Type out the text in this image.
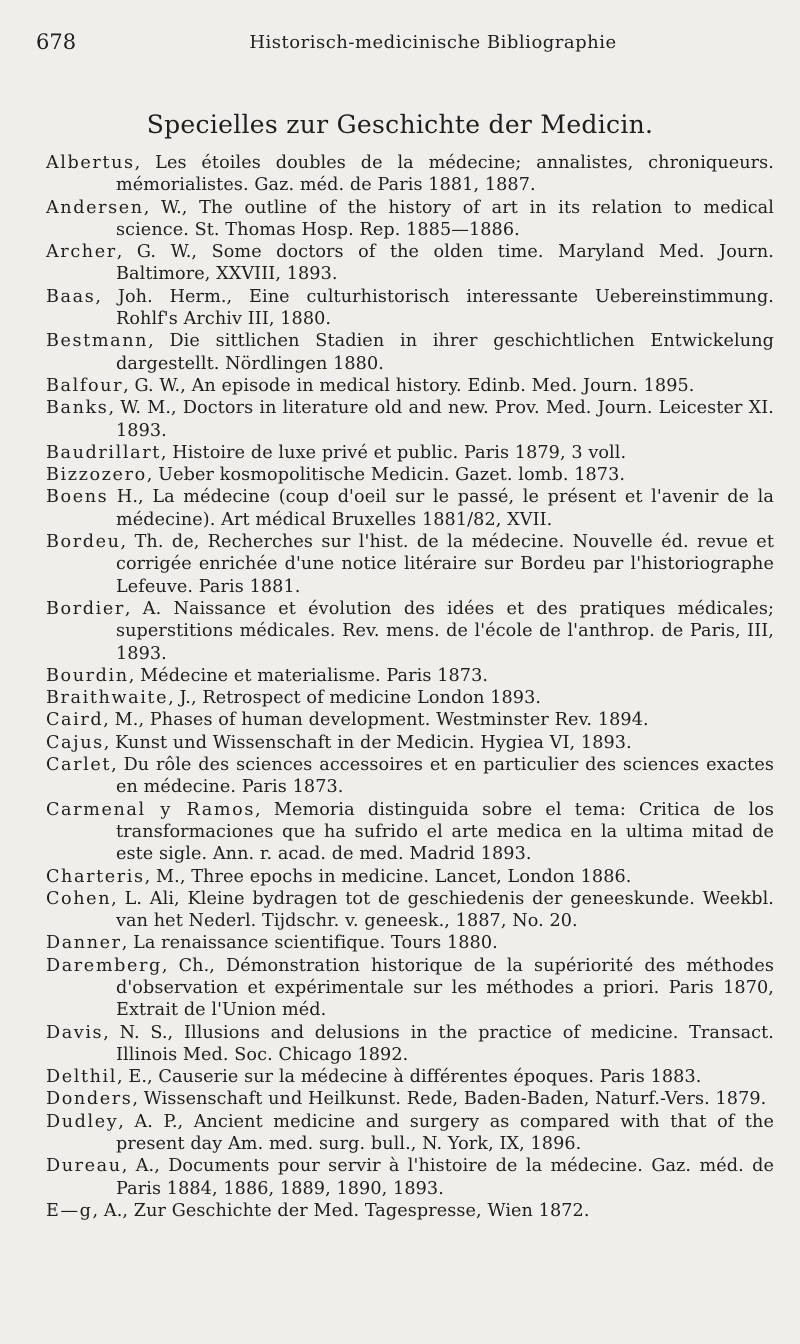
678	Historisch-medicinische Bibliographie
Specielles zur Geschichte der Medicin.
Albertus, Les étoiles doubles de la médecine; annalistes, chroniqueurs. mémorialistes. Gaz. méd. de Paris 1881, 1887.
Andersen, W., The outline of the history of art in its relation to medical science. St. Thomas Hosp. Rep. 1885—1886.
Archer, G. W., Some doctors of the olden time. Maryland Med. Journ. Baltimore, XXVIII, 1893.
Baas, Joh. Herm., Eine culturhistorisch interessante Uebereinstimmung. Rohlf's Archiv III, 1880.
Bestmann, Die sittlichen Stadien in ihrer geschichtlichen Entwickelung dargestellt. Nördlingen 1880.
Balfour, G. W., An episode in medical history. Edinb. Med. Journ. 1895.
Banks, W. M., Doctors in literature old and new. Prov. Med. Journ. Leicester XI. 1893.
Baudrillart, Histoire de luxe privé et public. Paris 1879, 3 voll.
Bizzozero, Ueber kosmopolitische Medicin. Gazet. lomb. 1873.
Boens H., La médecine (coup d'oeil sur le passé, le présent et l'avenir de la médecine). Art médical Bruxelles 1881/82, XVII.
Bordeu, Th. de, Recherches sur l'hist. de la médecine. Nouvelle éd. revue et corrigée enrichée d'une notice litéraire sur Bordeu par l'historiographe Lefeuve. Paris 1881.
Bordier, A. Naissance et évolution des idées et des pratiques médicales; superstitions médicales. Rev. mens. de l'école de l'anthrop. de Paris, III, 1893.
Bourdin, Médecine et materialisme. Paris 1873.
Braithwaite, J., Retrospect of medicine London 1893.
Caird, M., Phases of human development. Westminster Rev. 1894.
Cajus, Kunst und Wissenschaft in der Medicin. Hygiea VI, 1893.
Carlet, Du rôle des sciences accessoires et en particulier des sciences exactes en médecine. Paris 1873.
Carmenal y Ramos, Memoria distinguida sobre el tema: Critica de los transformaciones que ha sufrido el arte medica en la ultima mitad de este sigle. Ann. r. acad. de med. Madrid 1893.
Charteris, M., Three epochs in medicine. Lancet, London 1886.
Cohen, L. Ali, Kleine bydragen tot de geschiedenis der geneeskunde. Weekbl. van het Nederl. Tijdschr. v. geneesk., 1887, No. 20.
Danner, La renaissance scientifique. Tours 1880.
Daremberg, Ch., Démonstration historique de la supériorité des méthodes d'observation et expérimentale sur les méthodes a priori. Paris 1870, Extrait de l'Union méd.
Davis, N. S., Illusions and delusions in the practice of medicine. Transact. Illinois Med. Soc. Chicago 1892.
Delthil, E., Causerie sur la médecine à différentes époques. Paris 1883.
Donders, Wissenschaft und Heilkunst. Rede, Baden-Baden, Naturf.-Vers. 1879.
Dudley, A. P., Ancient medicine and surgery as compared with that of the present day Am. med. surg. bull., N. York, IX, 1896.
Dureau, A., Documents pour servir à l'histoire de la médecine. Gaz. méd. de Paris 1884, 1886, 1889, 1890, 1893.
E—g, A., Zur Geschichte der Med. Tagespresse, Wien 1872.
